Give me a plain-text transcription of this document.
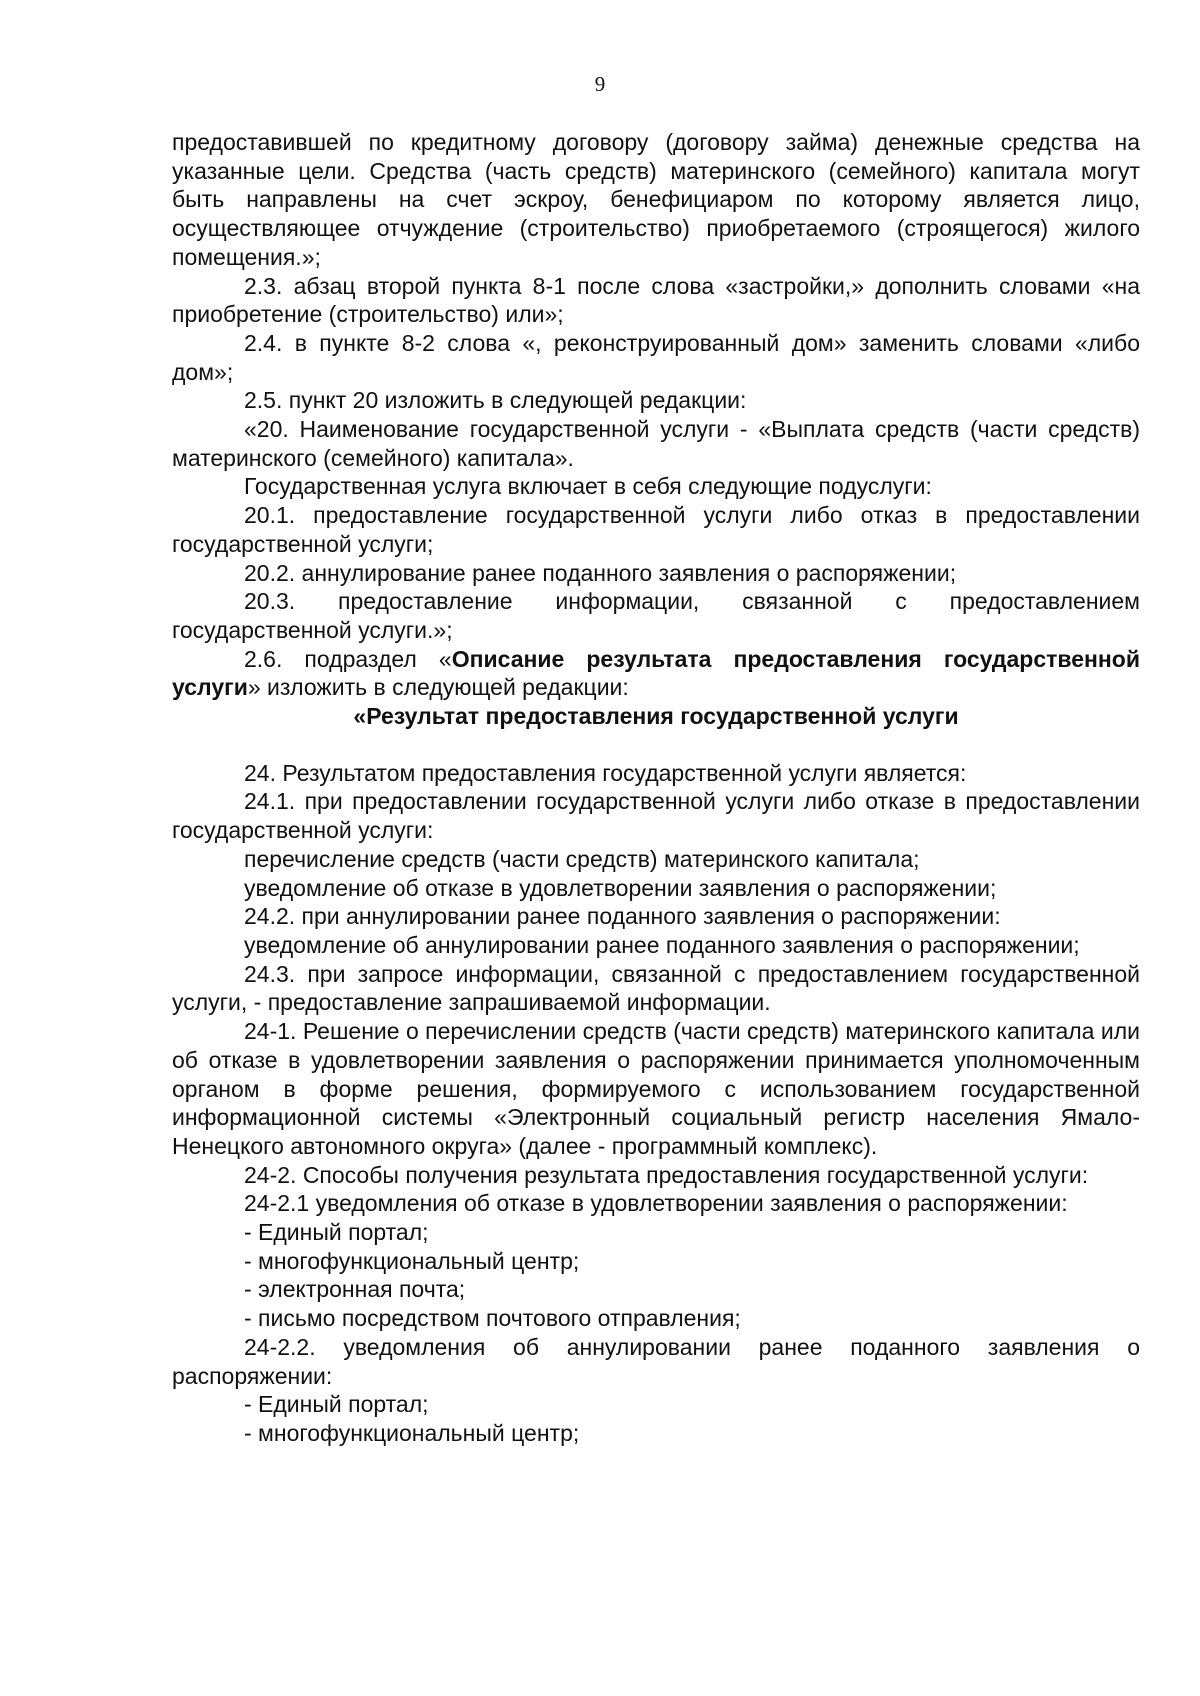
9

предоставившей по кредитному договору (договору займа) денежные средства на указанные цели. Средства (часть средств) материнского (семейного) капитала могут быть направлены на счет эскроу, бенефициаром по которому является лицо, осуществляющее отчуждение (строительство) приобретаемого (строящегося) жилого помещения.»;

2.3. абзац второй пункта 8-1 после слова «застройки,» дополнить словами «на приобретение (строительство) или»;

2.4. в пункте 8-2 слова «, реконструированный дом» заменить словами «либо дом»;

2.5. пункт 20 изложить в следующей редакции:

«20. Наименование государственной услуги - «Выплата средств (части средств) материнского (семейного) капитала».

Государственная услуга включает в себя следующие подуслуги:

20.1. предоставление государственной услуги либо отказ в предоставлении государственной услуги;

20.2. аннулирование ранее поданного заявления о распоряжении;

20.3. предоставление информации, связанной с предоставлением государственной услуги.»;

2.6. подраздел «Описание результата предоставления государственной услуги» изложить в следующей редакции:

«Результат предоставления государственной услуги

24. Результатом предоставления государственной услуги является:

24.1. при предоставлении государственной услуги либо отказе в предоставлении государственной услуги:

перечисление средств (части средств) материнского капитала;

уведомление об отказе в удовлетворении заявления о распоряжении;

24.2. при аннулировании ранее поданного заявления о распоряжении:

уведомление об аннулировании ранее поданного заявления о распоряжении;

24.3. при запросе информации, связанной с предоставлением государственной услуги, - предоставление запрашиваемой информации.

24-1. Решение о перечислении средств (части средств) материнского капитала или об отказе в удовлетворении заявления о распоряжении принимается уполномоченным органом в форме решения, формируемого с использованием государственной информационной системы «Электронный социальный регистр населения Ямало-Ненецкого автономного округа» (далее - программный комплекс).

24-2. Способы получения результата предоставления государственной услуги:

24-2.1 уведомления об отказе в удовлетворении заявления о распоряжении:

- Единый портал;

- многофункциональный центр;

- электронная почта;

- письмо посредством почтового отправления;

24-2.2. уведомления об аннулировании ранее поданного заявления о распоряжении:

- Единый портал;

- многофункциональный центр;
